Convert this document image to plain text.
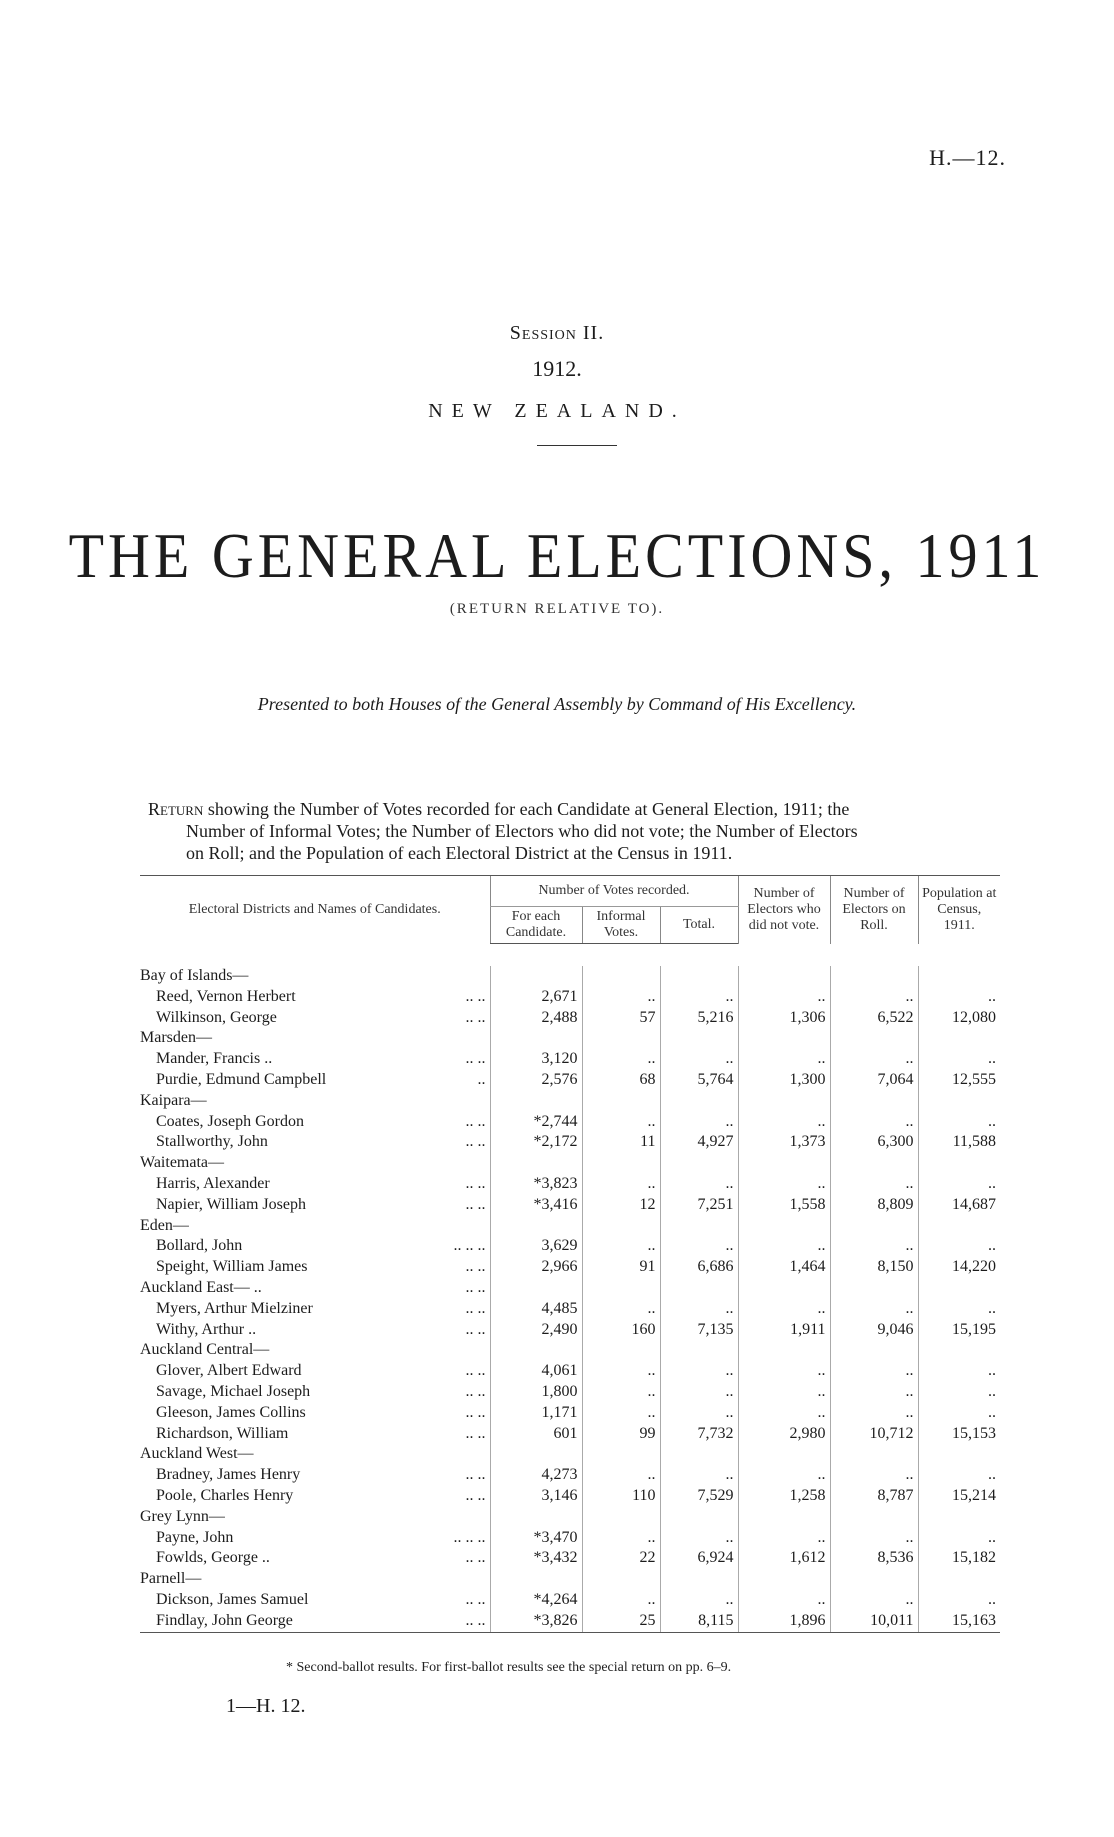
H.—12.
Session II.
1912.
NEW ZEALAND.
THE GENERAL ELECTIONS, 1911
(RETURN RELATIVE TO).
Presented to both Houses of the General Assembly by Command of His Excellency.
Return showing the Number of Votes recorded for each Candidate at General Election, 1911; the
Number of Informal Votes; the Number of Electors who did not vote; the Number of Electors
on Roll; and the Population of each Electoral District at the Census in 1911.
Electoral Districts and Names of Candidates.	Number of Votes recorded.			Number of Electors who did not vote.	Number of Electors on Roll.	Population at Census, 1911.
	For each Candidate.	Informal Votes.	Total.			

Bay of Islands—						
Reed, Vernon Herbert .. ..	2,671	..	..	..	..	..
Wilkinson, George .. ..	2,488	57	5,216	1,306	6,522	12,080
Marsden—						
Mander, Francis .. .. ..	3,120	..	..	..	..	..
Purdie, Edmund Campbell ..	2,576	68	5,764	1,300	7,064	12,555
Kaipara—						
Coates, Joseph Gordon .. ..	*2,744	..	..	..	..	..
Stallworthy, John .. ..	*2,172	11	4,927	1,373	6,300	11,588
Waitemata—						
Harris, Alexander .. ..	*3,823	..	..	..	..	..
Napier, William Joseph .. ..	*3,416	12	7,251	1,558	8,809	14,687
Eden—						
Bollard, John .. .. ..	3,629	..	..	..	..	..
Speight, William James .. ..	2,966	91	6,686	1,464	8,150	14,220
Auckland East— .. .. ..						

Myers, Arthur Mielziner .. ..	4,485	..	..	..	..	..
Withy, Arthur .. .. ..	2,490	160	7,135	1,911	9,046	15,195
Auckland Central—						
Glover, Albert Edward .. ..	4,061	..	..	..	..	..
Savage, Michael Joseph .. ..	1,800	..	..	..	..	..
Gleeson, James Collins .. ..	1,171	..	..	..	..	..
Richardson, William .. ..	601	99	7,732	2,980	10,712	15,153
Auckland West—						
Bradney, James Henry .. ..	4,273	..	..	..	..	..
Poole, Charles Henry .. ..	3,146	110	7,529	1,258	8,787	15,214
Grey Lynn—						
Payne, John .. .. ..	*3,470	..	..	..	..	..
Fowlds, George .. .. ..	*3,432	22	6,924	1,612	8,536	15,182
Parnell—						
Dickson, James Samuel .. ..	*4,264	..	..	..	..	..
Findlay, John George .. ..	*3,826	25	8,115	1,896	10,011	15,163
* Second-ballot results. For first-ballot results see the special return on pp. 6–9.
1—H. 12.
